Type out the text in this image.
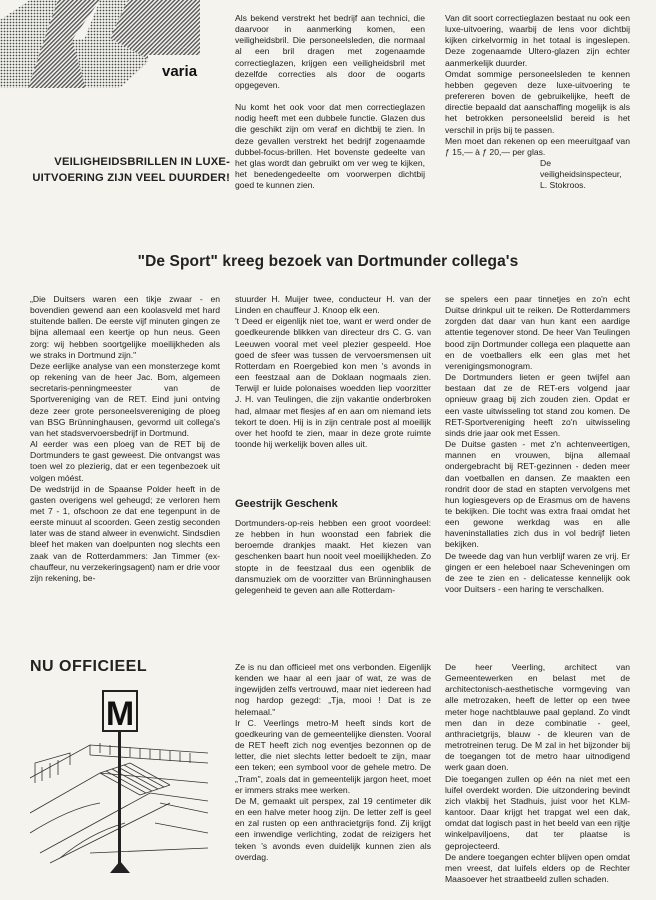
varia
VEILIGHEIDSBRILLEN IN LUXE-
UITVOERING ZIJN VEEL DUURDER!

Als bekend verstrekt het bedrijf aan technici, die daarvoor in aanmerking komen, een veiligheidsbril. Die personeelsleden, die normaal al een bril dragen met zogenaamde correctieglazen, krijgen een veiligheidsbril met dezelfde correcties als door de oogarts opgegeven.

Nu komt het ook voor dat men correctieglazen nodig heeft met een dubbele functie. Glazen dus die geschikt zijn om veraf en dichtbij te zien. In deze gevallen verstrekt het bedrijf zogenaamde dubbel-focus-brillen. Het bovenste gedeelte van het glas wordt dan gebruikt om ver weg te kijken, het benedengedeelte om voorwerpen dichtbij goed te kunnen zien.

Van dit soort correctieglazen bestaat nu ook een luxe-uitvoering, waarbij de lens voor dichtbij kijken cirkelvormig in het totaal is ingeslepen. Deze zogenaamde Ultero-glazen zijn echter aanmerkelijk duurder.

Omdat sommige personeelsleden te kennen hebben gegeven deze luxe-uitvoering te prefereren boven de gebruikelijke, heeft de directie bepaald dat aanschaffing mogelijk is als het betrokken personeelslid bereid is het verschil in prijs bij te passen.

Men moet dan rekenen op een meeruitgaaf van ƒ 15,— à ƒ 20,— per glas.

De veiligheidsinspecteur,

L. Stokroos.

"De Sport" kreeg bezoek van Dortmunder collega's

„Die Duitsers waren een tikje zwaar - en bovendien gewend aan een koolasveld met hard stuitende ballen. De eerste vijf minuten gingen ze bijna allemaal een keertje op hun neus. Geen zorg: wij hebben soortgelijke moeilijkheden als we straks in Dortmund zijn."

Deze eerlijke analyse van een monsterzege komt op rekening van de heer Jac. Bom, algemeen secretaris-penningmeester van de Sportvereniging van de RET. Eind juni ontving deze zeer grote personeelsvereniging de ploeg van BSG Brünninghausen, gevormd uit collega's van het stadsvervoersbedrijf in Dortmund.

Al eerder was een ploeg van de RET bij de Dortmunders te gast geweest. Die ontvangst was toen wel zo plezierig, dat er een tegenbezoek uit volgen móést.

De wedstrijd in de Spaanse Polder heeft in de gasten overigens wel geheugd; ze verloren hem met 7 - 1, ofschoon ze dat ene tegenpunt in de eerste minuut al scoorden. Geen zestig seconden later was de stand alweer in evenwicht. Sindsdien bleef het maken van doelpunten nog slechts een zaak van de Rotterdammers: Jan Timmer (ex-chauffeur, nu verzekeringsagent) nam er drie voor zijn rekening, be-

stuurder H. Muijer twee, conducteur H. van der Linden en chauffeur J. Knoop elk een.

't Deed er eigenlijk niet toe, want er werd onder de goedkeurende blikken van directeur drs C. G. van Leeuwen vooral met veel plezier gespeeld. Hoe goed de sfeer was tussen de vervoersmensen uit Rotterdam en Roergebied kon men 's avonds in een feestzaal aan de Doklaan nogmaals zien. Terwijl er luide polonaises woedden liep voorzitter J. H. van Teulingen, die zijn vakantie onderbroken had, almaar met flesjes af en aan om niemand iets tekort te doen. Hij is in zijn centrale post al moeilijk over het hoofd te zien, maar in deze grote ruimte toonde hij werkelijk boven alles uit.

Geestrijk Geschenk

Dortmunders-op-reis hebben een groot voordeel: ze hebben in hun woonstad een fabriek die beroemde drankjes maakt. Het kiezen van geschenken baart hun nooit veel moeilijkheden. Zo stopte in de feestzaal dus een ogenblik de dansmuziek om de voorzitter van Brünninghausen gelegenheid te geven aan alle Rotterdam-

se spelers een paar tinnetjes en zo'n echt Duitse drinkpul uit te reiken. De Rotterdammers zorgden dat daar van hun kant een aardige attentie tegenover stond. De heer Van Teulingen bood zijn Dortmunder collega een plaquette aan en de voetballers elk een glas met het verenigingsmonogram.

De Dortmunders lieten er geen twijfel aan bestaan dat ze de RET-ers volgend jaar opnieuw graag bij zich zouden zien. Opdat er een vaste uitwisseling tot stand zou komen. De RET-Sportvereniging heeft zo'n uitwisseling sinds drie jaar ook met Essen.

De Duitse gasten - met z'n achtenveertigen, mannen en vrouwen, bijna allemaal ondergebracht bij RET-gezinnen - deden meer dan voetballen en dansen. Ze maakten een rondrit door de stad en stapten vervolgens met hun logiesgevers op de Erasmus om de havens te bekijken. Die tocht was extra fraai omdat het een gewone werkdag was en alle haveninstallaties zich dus in vol bedrijf lieten bekijken.

De tweede dag van hun verblijf waren ze vrij. Er gingen er een heleboel naar Scheveningen om de zee te zien en - delicatesse kennelijk ook voor Duitsers - een haring te verschalken.

NU OFFICIEEL
M

Ze is nu dan officieel met ons verbonden. Eigenlijk kenden we haar al een jaar of wat, ze was de ingewijden zelfs vertrouwd, maar niet iedereen had nog hardop gezegd: „Tja, mooi ! Dat is ze helemaal."

Ir C. Veerlings metro-M heeft sinds kort de goedkeuring van de gemeentelijke diensten. Vooral de RET heeft zich nog eventjes bezonnen op de letter, die niet slechts letter bedoelt te zijn, maar een teken; een symbool voor de gehele metro. De „Tram", zoals dat in gemeentelijk jargon heet, moet er immers straks mee werken.

De M, gemaakt uit perspex, zal 19 centimeter dik en een halve meter hoog zijn. De letter zelf is geel en zal rusten op een anthracietgrijs fond. Zij krijgt een inwendige verlichting, zodat de reizigers het teken 's avonds even duidelijk kunnen zien als overdag.

De heer Veerling, architect van Gemeentewerken en belast met de architectonisch-aesthetische vormgeving van alle metrozaken, heeft de letter op een twee meter hoge nachtblauwe paal gepland. Zo vindt men dan in deze combinatie - geel, anthracietgrijs, blauw - de kleuren van de metrotreinen terug. De M zal in het bijzonder bij de toegangen tot de metro haar uitnodigend werk gaan doen.

Die toegangen zullen op één na niet met een luifel overdekt worden. Die uitzondering bevindt zich vlakbij het Stadhuis, juist voor het KLM-kantoor. Daar krijgt het trapgat wel een dak, omdat dat logisch past in het beeld van een rijtje winkelpaviljoens, dat ter plaatse is geprojecteerd.

De andere toegangen echter blijven open omdat men vreest, dat luifels elders op de Rechter Maasoever het straatbeeld zullen schaden.
